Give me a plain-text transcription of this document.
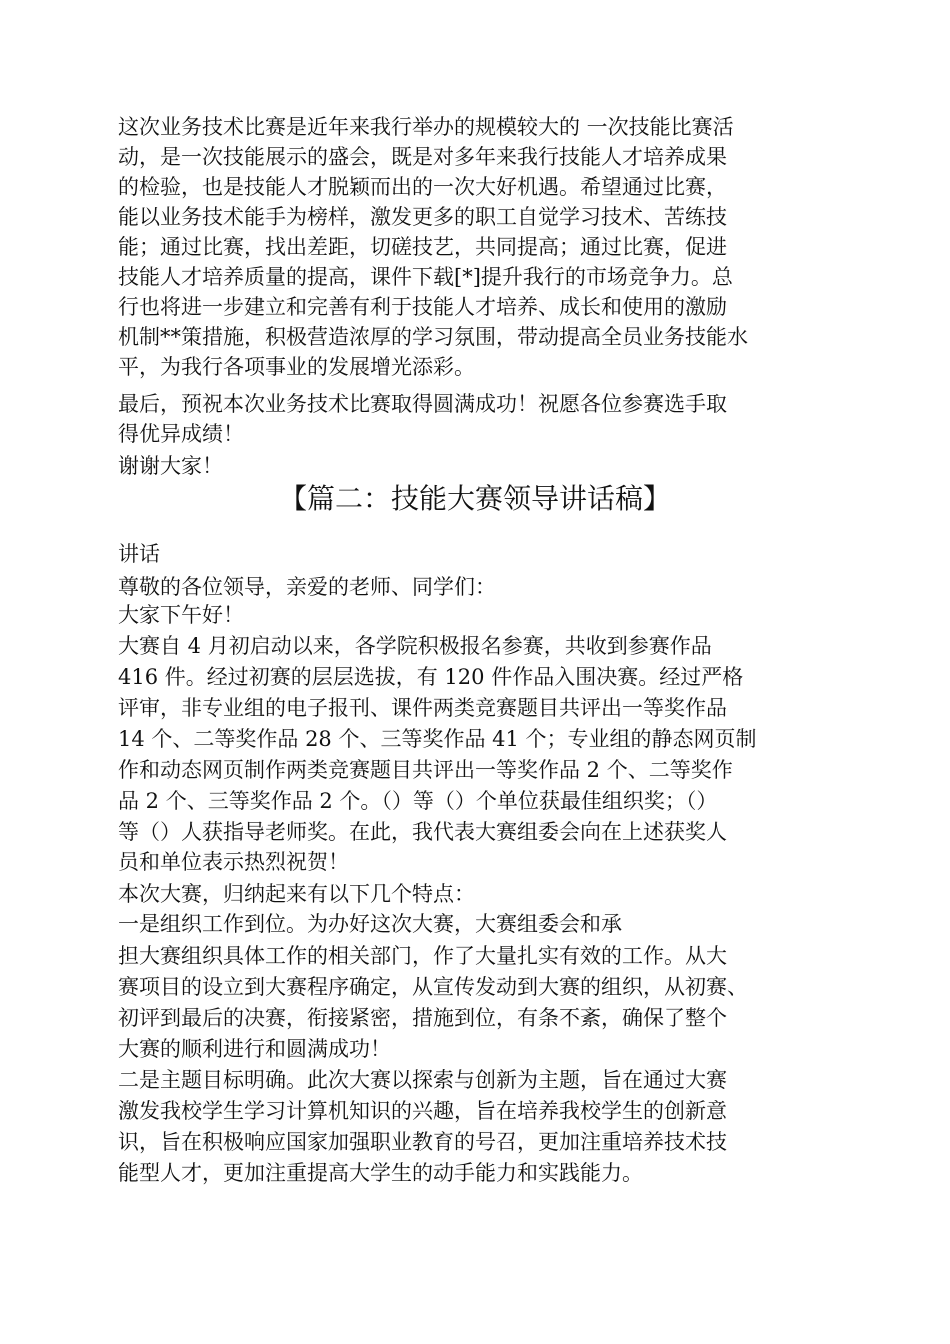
这次业务技术比赛是近年来我行举办的规模较大的 一次技能比赛活
动，是一次技能展示的盛会，既是对多年来我行技能人才培养成果
的检验，也是技能人才脱颖而出的一次大好机遇。希望通过比赛，
能以业务技术能手为榜样，激发更多的职工自觉学习技术、苦练技
能；通过比赛，找出差距，切磋技艺，共同提高；通过比赛，促进
技能人才培养质量的提高，课件下载[*]提升我行的市场竞争力。总
行也将进一步建立和完善有利于技能人才培养、成长和使用的激励
机制**策措施，积极营造浓厚的学习氛围，带动提高全员业务技能水
平，为我行各项事业的发展增光添彩。
最后，预祝本次业务技术比赛取得圆满成功！祝愿各位参赛选手取
得优异成绩！
谢谢大家！
【篇二：技能大赛领导讲话稿】
讲话
尊敬的各位领导，亲爱的老师、同学们：
大家下午好！
大赛自 4 月初启动以来，各学院积极报名参赛，共收到参赛作品
416 件。经过初赛的层层选拔，有 120 件作品入围决赛。经过严格
评审，非专业组的电子报刊、课件两类竞赛题目共评出一等奖作品
14 个、二等奖作品 28 个、三等奖作品 41 个；专业组的静态网页制
作和动态网页制作两类竞赛题目共评出一等奖作品 2 个、二等奖作
品 2 个、三等奖作品 2 个。（）等（）个单位获最佳组织奖；（）
等（）人获指导老师奖。在此，我代表大赛组委会向在上述获奖人
员和单位表示热烈祝贺！
本次大赛，归纳起来有以下几个特点：
一是组织工作到位。为办好这次大赛，大赛组委会和承
担大赛组织具体工作的相关部门，作了大量扎实有效的工作。从大
赛项目的设立到大赛程序确定，从宣传发动到大赛的组织，从初赛、
初评到最后的决赛，衔接紧密，措施到位，有条不紊，确保了整个
大赛的顺利进行和圆满成功！
二是主题目标明确。此次大赛以探索与创新为主题，旨在通过大赛
激发我校学生学习计算机知识的兴趣，旨在培养我校学生的创新意
识，旨在积极响应国家加强职业教育的号召，更加注重培养技术技
能型人才，更加注重提高大学生的动手能力和实践能力。
